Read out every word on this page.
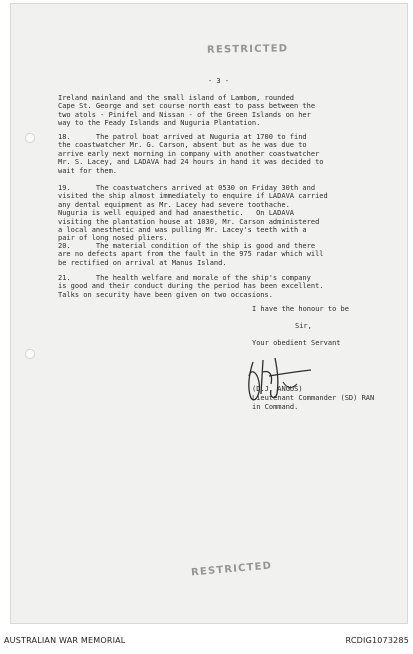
RESTRICTED
- 3 -
Ireland mainland and the small island of Lambom, rounded
Cape St. George and set course north east to pass between the
two atols - Pinifel and Nissan - of the Green Islands on her
way to the Feady Islands and Nuguria Plantation.
18.      The patrol boat arrived at Nuguria at 1700 to find
the coastwatcher Mr. G. Carson, absent but as he was due to
arrive early next morning in company with another coastwatcher
Mr. S. Lacey, and LADAVA had 24 hours in hand it was decided to
wait for them.
19.      The coastwatchers arrived at 0530 on Friday 30th and
visited the ship almost immediately to enquire if LADAVA carried
any dental equipment as Mr. Lacey had severe toothache.
Nuguria is well equiped and had anaesthetic.   On LADAVA
visiting the plantation house at 1030, Mr. Carson administered
a local anesthetic and was pulling Mr. Lacey's teeth with a
pair of long nosed pliers.
20.      The material condition of the ship is good and there
are no defects apart from the fault in the 975 radar which will
be rectified on arrival at Manus Island.
21.      The health welfare and morale of the ship's company
is good and their conduct during the period has been excellent.
Talks on security have been given on two occasions.
I have the honour to be
Sir,
Your obedient Servant
(D.J. ANGUS)
Lieutenant Commander (SD) RAN
in Command.
RESTRICTED
AUSTRALIAN WAR MEMORIAL	RCDIG1073285
